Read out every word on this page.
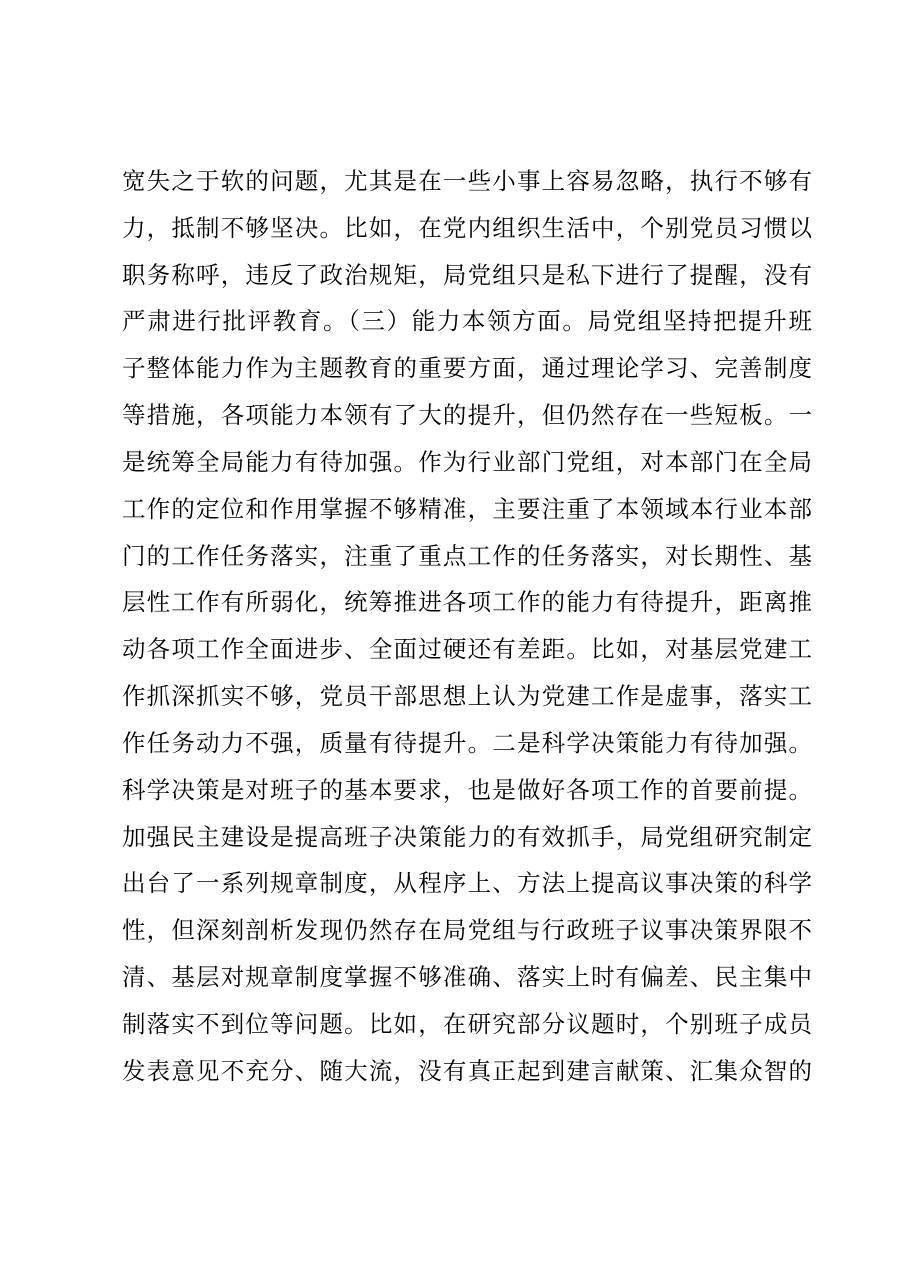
宽失之于软的问题，尤其是在一些小事上容易忽略，执行不够有
力，抵制不够坚决。比如，在党内组织生活中，个别党员习惯以
职务称呼，违反了政治规矩，局党组只是私下进行了提醒，没有
严肃进行批评教育。（三）能力本领方面。局党组坚持把提升班
子整体能力作为主题教育的重要方面，通过理论学习、完善制度
等措施，各项能力本领有了大的提升，但仍然存在一些短板。一
是统筹全局能力有待加强。作为行业部门党组，对本部门在全局
工作的定位和作用掌握不够精准，主要注重了本领域本行业本部
门的工作任务落实，注重了重点工作的任务落实，对长期性、基
层性工作有所弱化，统筹推进各项工作的能力有待提升，距离推
动各项工作全面进步、全面过硬还有差距。比如，对基层党建工
作抓深抓实不够，党员干部思想上认为党建工作是虚事，落实工
作任务动力不强，质量有待提升。二是科学决策能力有待加强。
科学决策是对班子的基本要求，也是做好各项工作的首要前提。
加强民主建设是提高班子决策能力的有效抓手，局党组研究制定
出台了一系列规章制度，从程序上、方法上提高议事决策的科学
性，但深刻剖析发现仍然存在局党组与行政班子议事决策界限不
清、基层对规章制度掌握不够准确、落实上时有偏差、民主集中
制落实不到位等问题。比如，在研究部分议题时，个别班子成员
发表意见不充分、随大流，没有真正起到建言献策、汇集众智的
